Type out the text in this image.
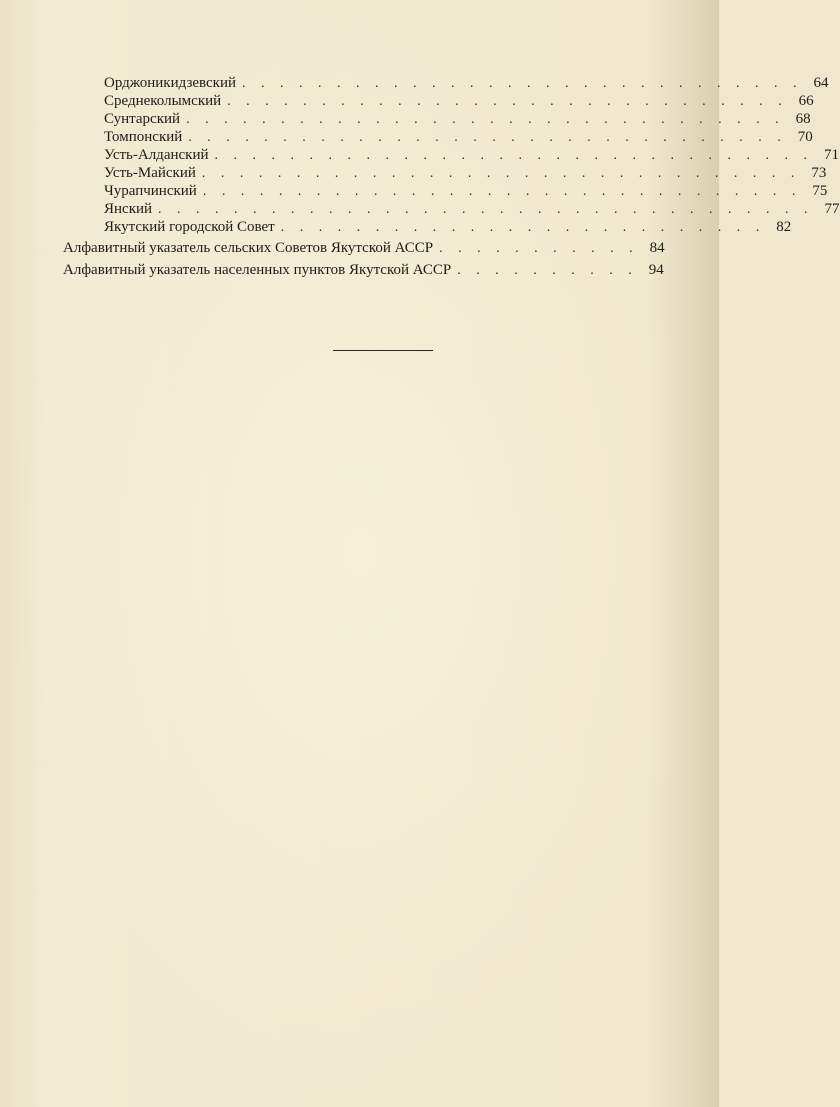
Орджоникидзевский . . . . . . . . . . . . . . . . . . . . . . . . . . . . . . 64
Среднеколымский . . . . . . . . . . . . . . . . . . . . . . . . . . . . . . 66
Сунтарский . . . . . . . . . . . . . . . . . . . . . . . . . . . . . . . . 68
Томпонский . . . . . . . . . . . . . . . . . . . . . . . . . . . . . . . . 70
Усть-Алданский . . . . . . . . . . . . . . . . . . . . . . . . . . . . . . . . 71
Усть-Майский . . . . . . . . . . . . . . . . . . . . . . . . . . . . . . . . 73
Чурапчинский . . . . . . . . . . . . . . . . . . . . . . . . . . . . . . . . 75
Янский . . . . . . . . . . . . . . . . . . . . . . . . . . . . . . . . . . . 77
Якутский городской Совет . . . . . . . . . . . . . . . . . . . . . . . . . . 82
Алфавитный указатель сельских Советов Якутской АССР . . . . . . . . . . . 84
Алфавитный указатель населенных пунктов Якутской АССР . . . . . . . . . . 94
